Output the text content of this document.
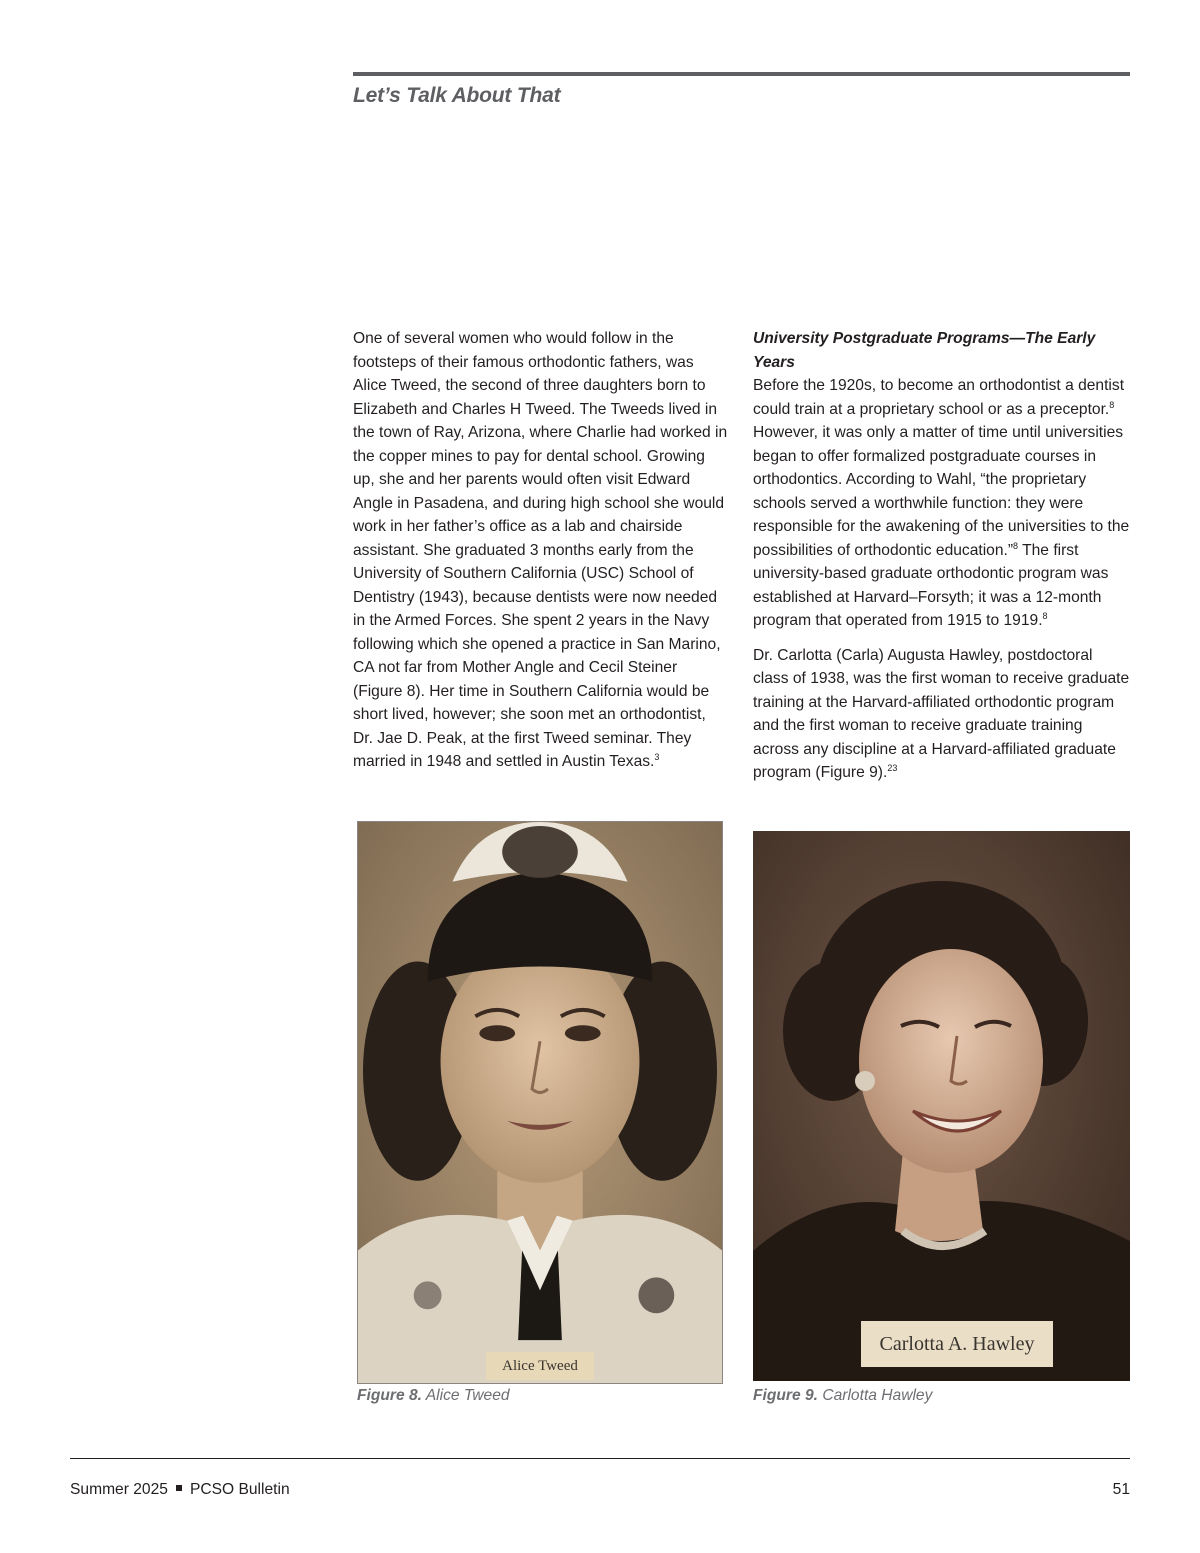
Let’s Talk About That

One of several women who would follow in the footsteps of their famous orthodontic fathers, was Alice Tweed, the second of three daughters born to Elizabeth and Charles H Tweed. The Tweeds lived in the town of Ray, Arizona, where Charlie had worked in the copper mines to pay for dental school. Growing up, she and her parents would often visit Edward Angle in Pasadena, and during high school she would work in her father’s office as a lab and chairside assistant. She graduated 3 months early from the University of Southern California (USC) School of Dentistry (1943), because dentists were now needed in the Armed Forces. She spent 2 years in the Navy following which she opened a practice in San Marino, CA not far from Mother Angle and Cecil Steiner (Figure 8). Her time in Southern California would be short lived, however; she soon met an orthodontist, Dr. Jae D. Peak, at the first Tweed seminar. They married in 1948 and settled in Austin Texas.$^3$

University Postgraduate Programs—The Early Years
Before the 1920s, to become an orthodontist a dentist could train at a proprietary school or as a preceptor.$^8$ However, it was only a matter of time until universities began to offer formalized postgraduate courses in orthodontics. According to Wahl, “the proprietary schools served a worthwhile function: they were responsible for the awakening of the universities to the possibilities of orthodontic education.”$^8$ The first university-based graduate orthodontic program was established at Harvard–Forsyth; it was a 12-month program that operated from 1915 to 1919.$^8$

Dr. Carlotta (Carla) Augusta Hawley, postdoctoral class of 1938, was the first woman to receive graduate training at the Harvard-affiliated orthodontic program and the first woman to receive graduate training across any discipline at a Harvard-affiliated graduate program (Figure 9).$^{23}$

Alice Tweed
Carlotta A. Hawley

Figure 8. Alice Tweed	Figure 9. Carlotta Hawley

Summer 2025 PCSO Bulletin	51
